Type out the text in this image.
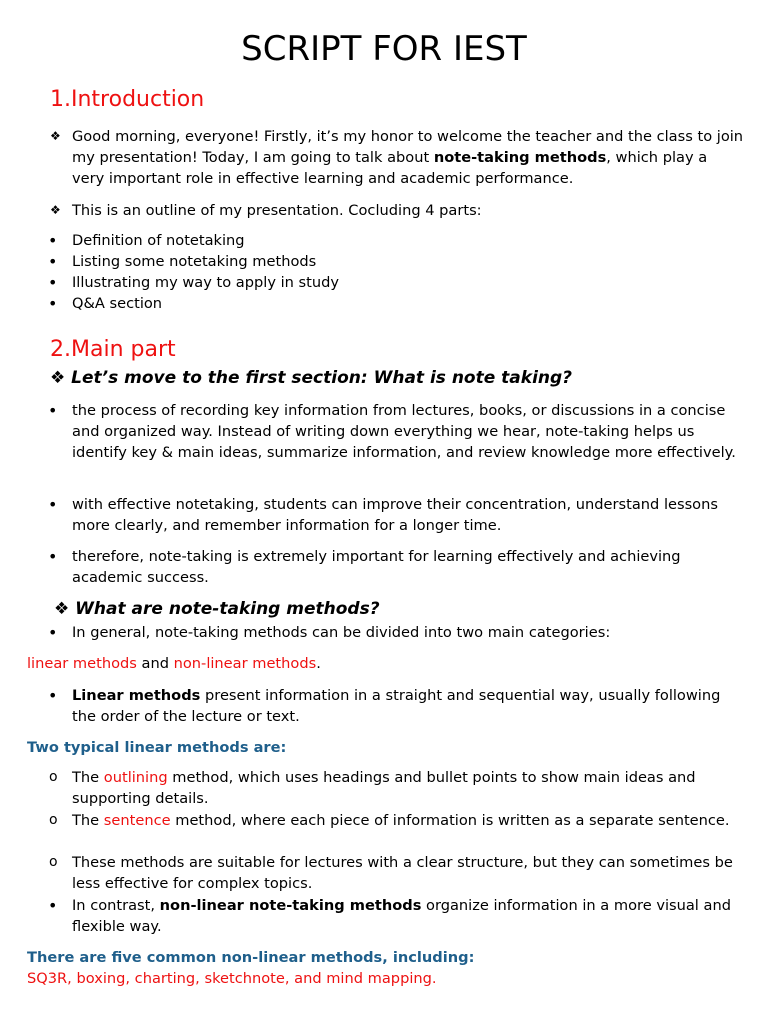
SCRIPT FOR IEST
1.Introduction
❖ Good morning, everyone! Firstly, it’s my honor to welcome the teacher and the class to join my presentation! Today, I am going to talk about note-taking methods, which play a very important role in effective learning and academic performance.
❖ This is an outline of my presentation. Cocluding 4 parts:
• Definition of notetaking
• Listing some notetaking methods
• Illustrating my way to apply in study
• Q&A section
2.Main part
❖ Let’s move to the first section: What is note taking?
• the process of recording key information from lectures, books, or discussions in a concise and organized way. Instead of writing down everything we hear, note-taking helps us identify key & main ideas, summarize information, and review knowledge more effectively.
• with effective notetaking, students can improve their concentration, understand lessons more clearly, and remember information for a longer time.
• therefore, note-taking is extremely important for learning effectively and achieving academic success.
❖ What are note-taking methods?
• In general, note-taking methods can be divided into two main categories:
linear methods and non-linear methods.
• Linear methods present information in a straight and sequential way, usually following the order of the lecture or text.
Two typical linear methods are:
o The outlining method, which uses headings and bullet points to show main ideas and supporting details.
o The sentence method, where each piece of information is written as a separate sentence.
o These methods are suitable for lectures with a clear structure, but they can sometimes be less effective for complex topics.
• In contrast, non-linear note-taking methods organize information in a more visual and flexible way.
There are five common non-linear methods, including:
SQ3R, boxing, charting, sketchnote, and mind mapping.
